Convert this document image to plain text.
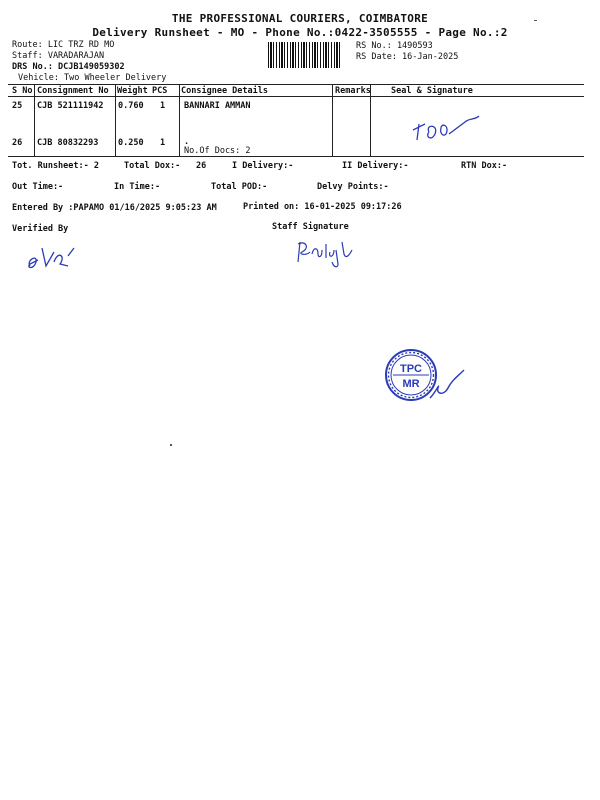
THE PROFESSIONAL COURIERS, COIMBATORE
Delivery Runsheet - MO - Phone No.:0422-3505555 - Page No.:2
Route: LIC TRZ RD MO
Staff: VARADARAJAN
DRS No.: DCJB149059302
Vehicle: Two Wheeler Delivery
RS No.: 1490593
RS Date: 16-Jan-2025
S No Consignment No Weight PCS Consignee Details	Remarks Seal & Signature
25 CJB 521111942 0.760 1 BANNARI AMMAN
26 CJB 80832293 0.250 1 .
No.Of Docs: 2
Tot. Runsheet:- 2	Total Dox:- 26	I Delivery:-	II Delivery:-	RTN Dox:-
Out Time:-	In Time:-	Total POD:-	Delvy Points:-
Entered By :PAPAMO 01/16/2025 9:05:23 AM	Printed on: 16-01-2025 09:17:26
Verified By	Staff Signature
TPC
MR
